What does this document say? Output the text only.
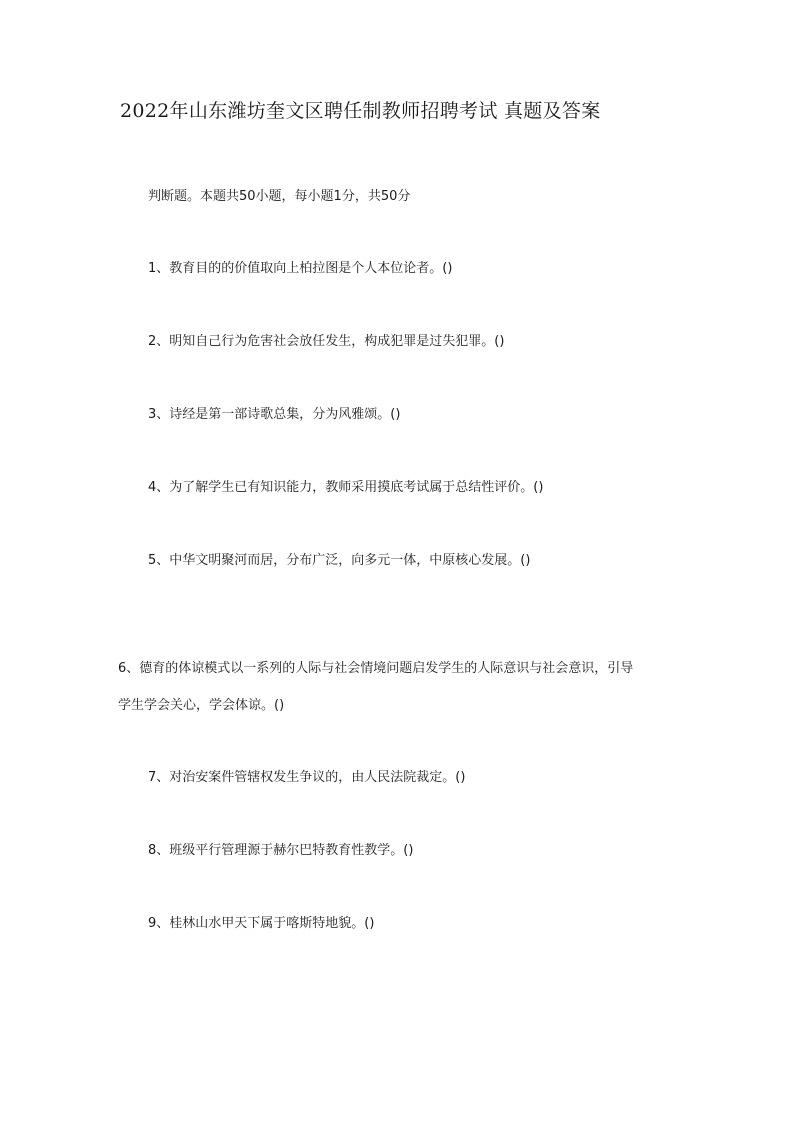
2022年山东潍坊奎文区聘任制教师招聘考试 真题及答案

判断题。本题共50小题，每小题1分，共50分

1、教育目的的价值取向上柏拉图是个人本位论者。()

2、明知自己行为危害社会放任发生，构成犯罪是过失犯罪。()

3、诗经是第一部诗歌总集，分为风雅颂。()

4、为了解学生已有知识能力，教师采用摸底考试属于总结性评价。()

5、中华文明聚河而居，分布广泛，向多元一体，中原核心发展。()

6、德育的体谅模式以一系列的人际与社会情境问题启发学生的人际意识与社会意识，引导

学生学会关心，学会体谅。()

7、对治安案件管辖权发生争议的，由人民法院裁定。()

8、班级平行管理源于赫尔巴特教育性教学。()

9、桂林山水甲天下属于喀斯特地貌。()
